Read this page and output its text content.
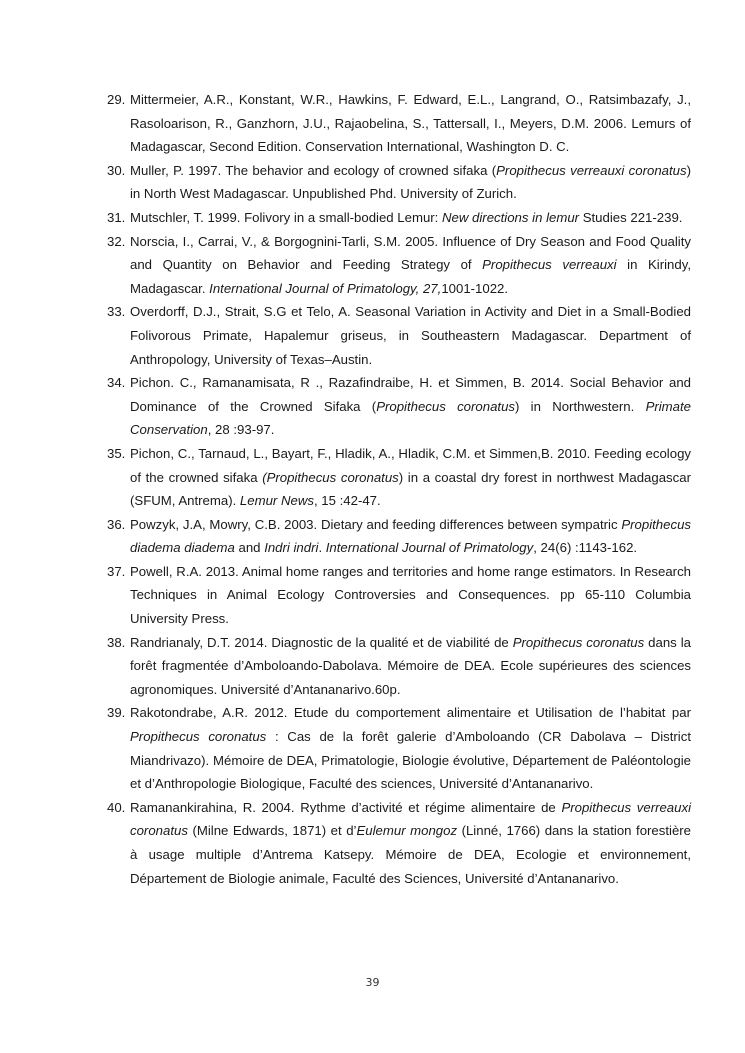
29. Mittermeier, A.R., Konstant, W.R., Hawkins, F. Edward, E.L., Langrand, O., Ratsimbazafy, J., Rasoloarison, R., Ganzhorn, J.U., Rajaobelina, S., Tattersall, I., Meyers, D.M. 2006. Lemurs of Madagascar, Second Edition. Conservation International, Washington D. C.
30. Muller, P. 1997. The behavior and ecology of crowned sifaka (Propithecus verreauxi coronatus) in North West Madagascar. Unpublished Phd. University of Zurich.
31. Mutschler, T. 1999. Folivory in a small-bodied Lemur: New directions in lemur Studies 221-239.
32. Norscia, I., Carrai, V., & Borgognini-Tarli, S.M. 2005. Influence of Dry Season and Food Quality and Quantity on Behavior and Feeding Strategy of Propithecus verreauxi in Kirindy, Madagascar. International Journal of Primatology, 27,1001-1022.
33. Overdorff, D.J., Strait, S.G et Telo, A. Seasonal Variation in Activity and Diet in a Small-Bodied Folivorous Primate, Hapalemur griseus, in Southeastern Madagascar. Department of Anthropology, University of Texas–Austin.
34. Pichon. C., Ramanamisata, R ., Razafindraibe, H. et Simmen, B. 2014. Social Behavior and Dominance of the Crowned Sifaka (Propithecus coronatus) in Northwestern. Primate Conservation, 28 :93-97.
35. Pichon, C., Tarnaud, L., Bayart, F., Hladik, A., Hladik, C.M. et Simmen,B. 2010. Feeding ecology of the crowned sifaka (Propithecus coronatus) in a coastal dry forest in northwest Madagascar (SFUM, Antrema). Lemur News, 15 :42-47.
36. Powzyk, J.A, Mowry, C.B. 2003. Dietary and feeding differences between sympatric Propithecus diadema diadema and Indri indri. International Journal of Primatology, 24(6) :1143-162.
37. Powell, R.A. 2013. Animal home ranges and territories and home range estimators. In Research Techniques in Animal Ecology Controversies and Consequences. pp 65-110 Columbia University Press.
38. Randrianaly, D.T. 2014. Diagnostic de la qualité et de viabilité de Propithecus coronatus dans la forêt fragmentée d’Amboloando-Dabolava. Mémoire de DEA. Ecole supérieures des sciences agronomiques. Université d’Antananarivo.60p.
39. Rakotondrabe, A.R. 2012. Etude du comportement alimentaire et Utilisation de l’habitat par Propithecus coronatus : Cas de la forêt galerie d’Amboloando (CR Dabolava – District Miandrivazo). Mémoire de DEA, Primatologie, Biologie évolutive, Département de Paléontologie et d’Anthropologie Biologique, Faculté des sciences, Université d’Antananarivo.
40. Ramanankirahina, R. 2004. Rythme d’activité et régime alimentaire de Propithecus verreauxi coronatus (Milne Edwards, 1871) et d’Eulemur mongoz (Linné, 1766) dans la station forestière à usage multiple d’Antrema Katsepy. Mémoire de DEA, Ecologie et environnement, Département de Biologie animale, Faculté des Sciences, Université d’Antananarivo.
39
